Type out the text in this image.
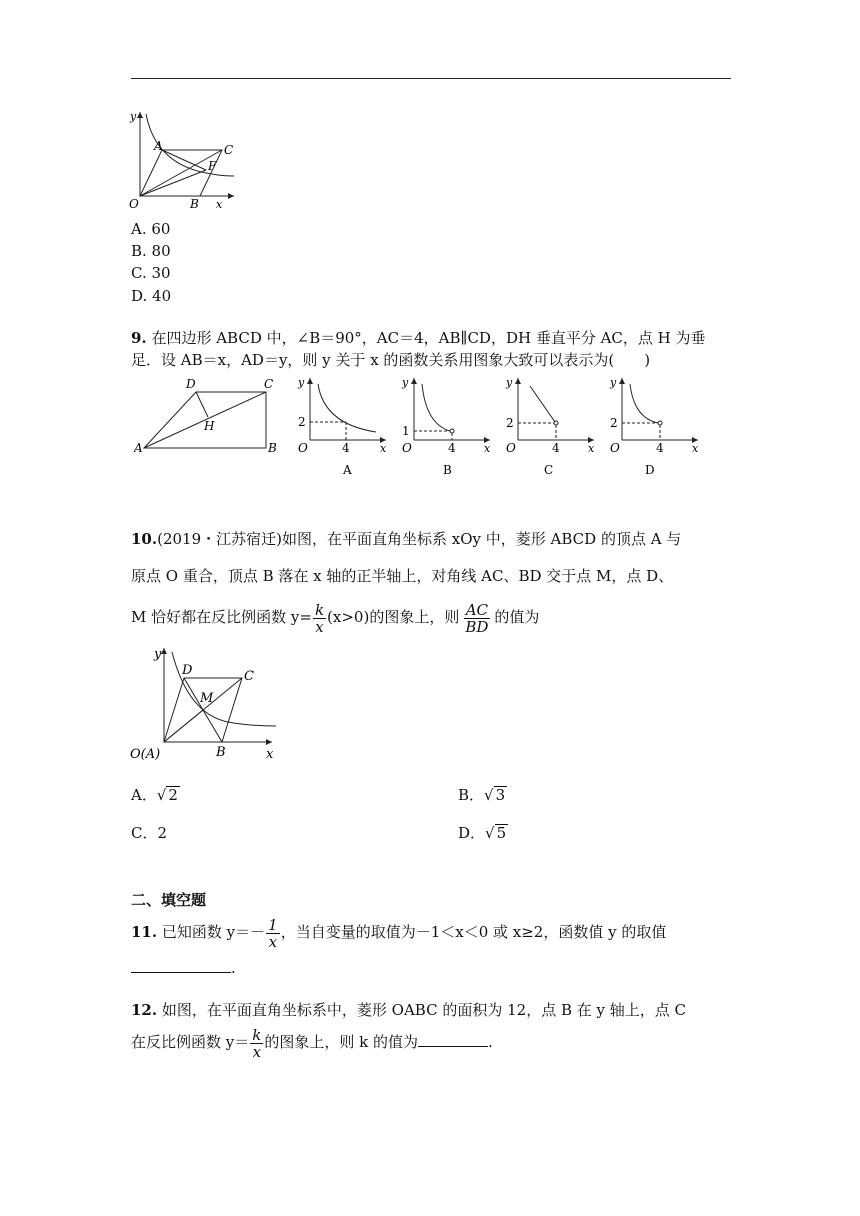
y
x
O
A
B
C
F
A. 60
B. 80
C. 30
D. 40
9. 在四边形 ABCD 中，∠B＝90°，AC＝4，AB∥CD，DH 垂直平分 AC，点 H 为垂足．设 AB＝x，AD＝y，则 y 关于 x 的函数关系用图象大致可以表示为(　　)
A	B
C
D
H
y
x
O
2
4
A
y
x
O
1
4
B
y
x
O
2
4
C
y
x
O
2
4
D
10.(2019・江苏宿迁)如图，在平面直角坐标系 xOy 中，菱形 ABCD 的顶点 A 与
原点 O 重合，顶点 B 落在 x 轴的正半轴上，对角线 AC、BD 交于点 M，点 D、
M 恰好都在反比例函数 $y= \frac{k}{x} (x>0)$的图象上，则 $\frac{AC}{BD}$ 的值为
y
x
O(A)	B
C
D
M
A．√ 2	B．√ 3
C．2	D．√ 5
二、填空题
11. 已知函数 $y=- \frac{1}{x}$ ，当自变量的取值为－1＜x＜0 或 x≥2，函数值 y 的取值
.
12. 如图，在平面直角坐标系中，菱形 OABC 的面积为 12，点 B 在 y 轴上，点 C
在反比例函数 $y= \frac{k}{x}$ 的图象上，则 k 的值为	.
